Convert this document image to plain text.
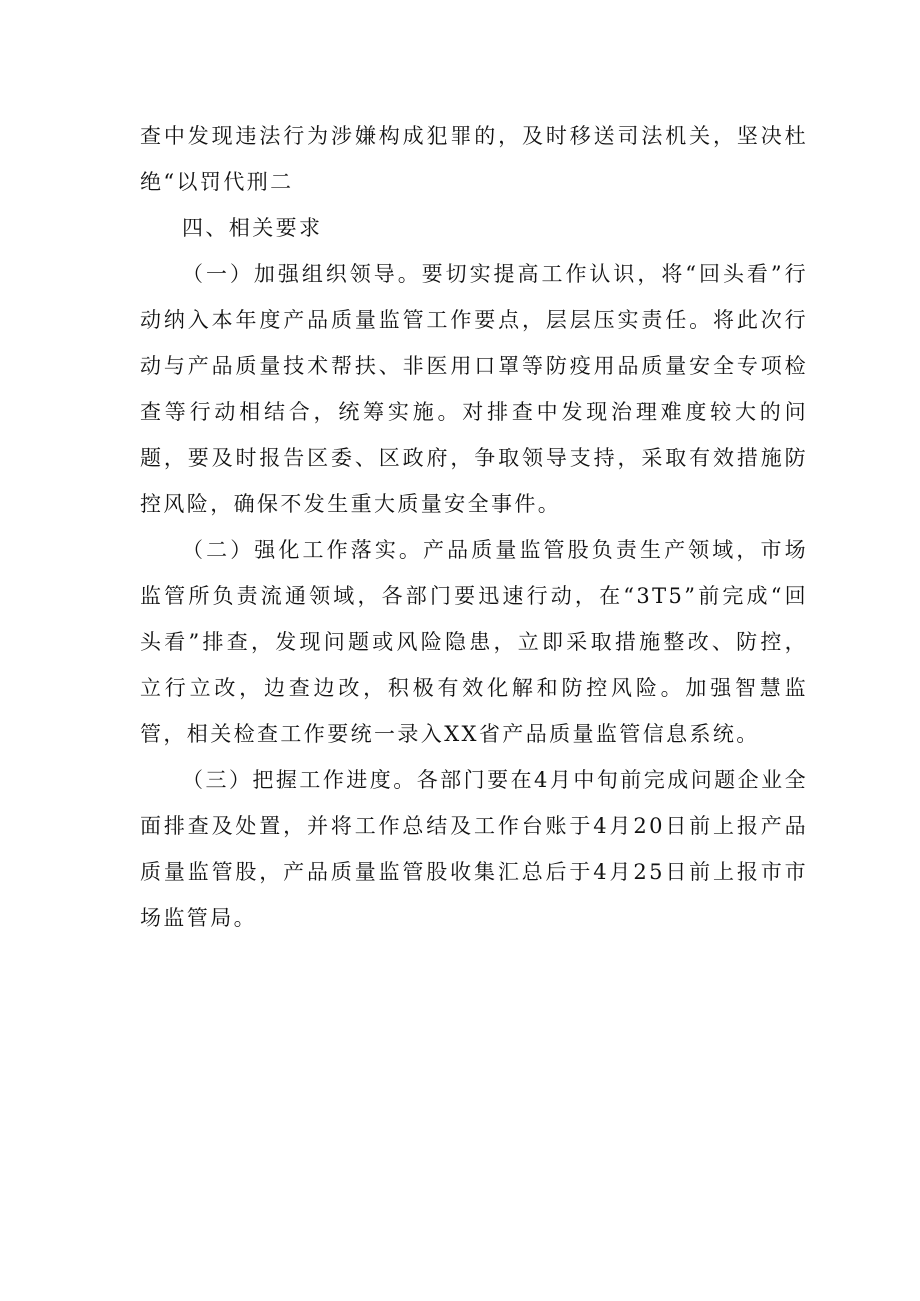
查中发现违法行为涉嫌构成犯罪的，及时移送司法机关，坚决杜绝“以罚代刑二

四、相关要求

（一）加强组织领导。要切实提高工作认识，将“回头看”行动纳入本年度产品质量监管工作要点，层层压实责任。将此次行动与产品质量技术帮扶、非医用口罩等防疫用品质量安全专项检查等行动相结合，统筹实施。对排查中发现治理难度较大的问题，要及时报告区委、区政府，争取领导支持，采取有效措施防控风险，确保不发生重大质量安全事件。

（二）强化工作落实。产品质量监管股负责生产领域，市场监管所负责流通领域，各部门要迅速行动，在“3T5”前完成“回头看”排查，发现问题或风险隐患，立即采取措施整改、防控，立行立改，边查边改，积极有效化解和防控风险。加强智慧监管，相关检查工作要统一录入XX省产品质量监管信息系统。

（三）把握工作进度。各部门要在4月中旬前完成问题企业全面排查及处置，并将工作总结及工作台账于4月20日前上报产品质量监管股，产品质量监管股收集汇总后于4月25日前上报市市场监管局。
